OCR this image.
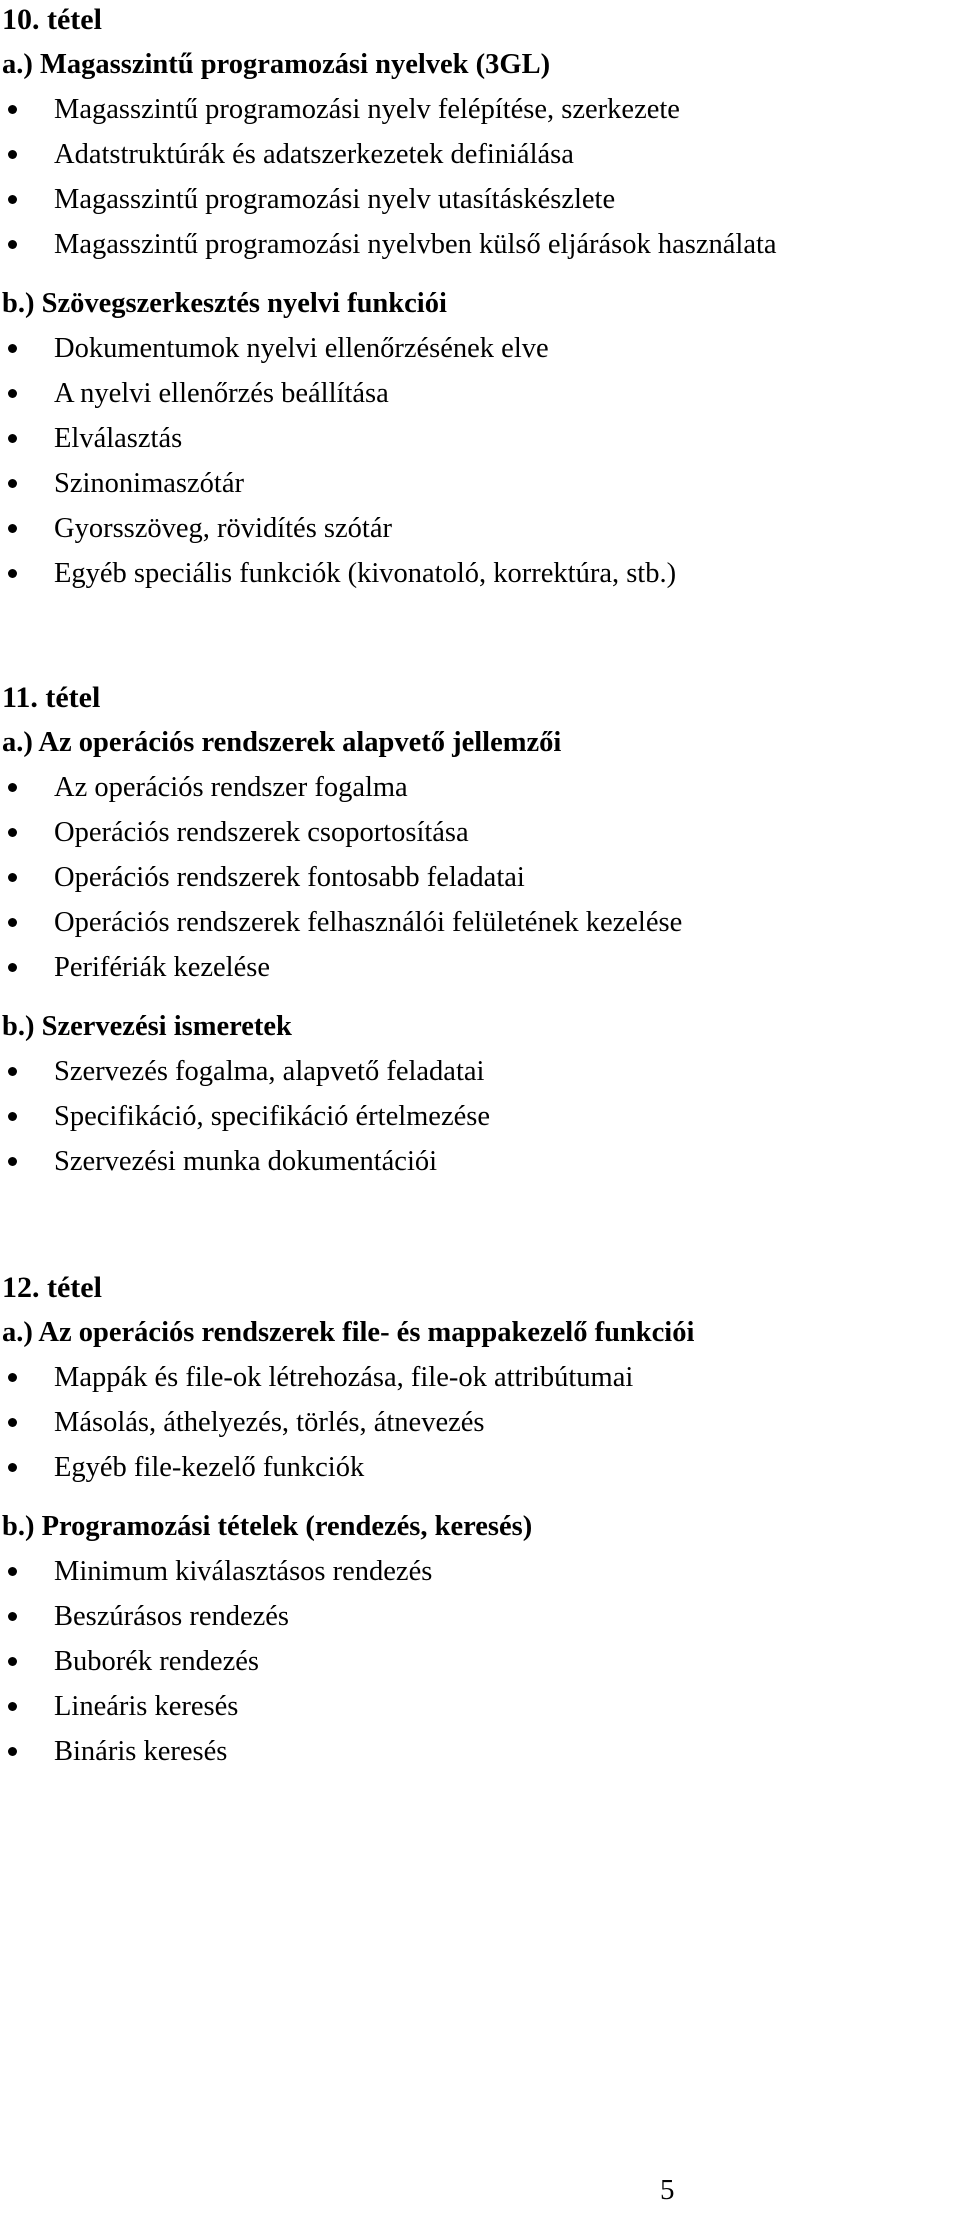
10. tétel
a.) Magasszintű programozási nyelvek (3GL)
Magasszintű programozási nyelv felépítése, szerkezete
Adatstruktúrák és adatszerkezetek definiálása
Magasszintű programozási nyelv utasításkészlete
Magasszintű programozási nyelvben külső eljárások használata
b.) Szövegszerkesztés nyelvi funkciói
Dokumentumok nyelvi ellenőrzésének elve
A nyelvi ellenőrzés beállítása
Elválasztás
Szinonimaszótár
Gyorsszöveg, rövidítés szótár
Egyéb speciális funkciók (kivonatoló, korrektúra, stb.)
11. tétel
a.) Az operációs rendszerek alapvető jellemzői
Az operációs rendszer fogalma
Operációs rendszerek csoportosítása
Operációs rendszerek fontosabb feladatai
Operációs rendszerek felhasználói felületének kezelése
Perifériák kezelése
b.) Szervezési ismeretek
Szervezés fogalma, alapvető feladatai
Specifikáció, specifikáció értelmezése
Szervezési munka dokumentációi
12. tétel
a.) Az operációs rendszerek file- és mappakezelő funkciói
Mappák és file-ok létrehozása, file-ok attribútumai
Másolás, áthelyezés, törlés, átnevezés
Egyéb file-kezelő funkciók
b.) Programozási tételek (rendezés, keresés)
Minimum kiválasztásos rendezés
Beszúrásos rendezés
Buborék rendezés
Lineáris keresés
Bináris keresés
5
